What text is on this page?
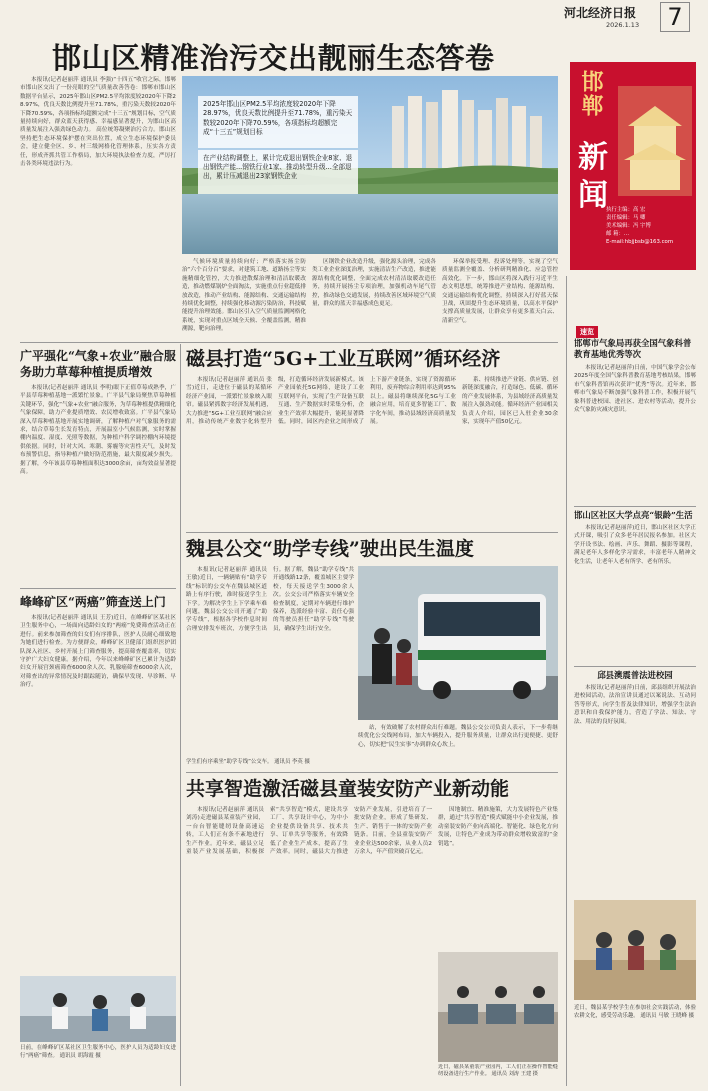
河北经济日报
2026.1.13	7
邯山区精准治污交出靓丽生态答卷

本报讯(记者赵丽萍 通讯员 李强)“十四五”收官之际，邯郸市邯山区交出了一份亮眼的空气质量改善答卷：邯郸市邯山区数据平台显示，2025年邯山区PM2.5平均浓度较2020年下降28.97%，优良天数比例提升至71.78%，重污染天数较2020年下降70.59%，各项指标均超额完成“十三五”规划目标，空气质量持续向好，群众蓝天获得感、幸福感显著提升，为邯山区高质量发展注入强劲绿色动力。 高位统筹凝聚治污合力。邯山区坚持把生态环境保护摆在突出位置，成立生态环境保护委员会，建立健全区、乡、村三级网格化管理体系，压实各方责任，形成齐抓共管工作格局，加大环境执法检查力度，严厉打击各类环境违法行为。

2025年邯山区PM2.5平均浓度较2020年下降28.97%，优良天数比例提升至71.78%，重污染天数较2020年下降70.59%，各项指标均超额完成“十三五”规划目标
在产业结构调整上，累计完成退出钢铁企业8家、退出钢铁产能...钢铁行业1家、推动转型升级...全部退出，累计压减退出23家钢铁企业

气候环境质量持续向好；严格落实扬尘防治“六个百分百”要求，对建筑工地、道路扬尘等实施精细化管控，大力推进散煤治理和清洁取暖改造，推动燃煤锅炉全面淘汰，实施重点行业超低排放改造，推动产业结构、能源结构、交通运输结构持续优化调整，持续强化移动源污染防治，科技赋能提升治理效能。邯山区引入空气质量监测网格化系统，实现对重点区域全天候、全覆盖监测，精准溯源，靶向治理。

区钢铁企业改造升级，强化源头治理，完成各类工业企业深度治理，实施清洁生产改造，推进能源结构优化调整，全面完成农村清洁取暖改造任务，持续开展扬尘专项治理，加强机动车尾气管控，推动绿色交通发展，持续改善区域环境空气质量，群众的蓝天幸福感成色更足。

环保举报受理、投诉处理等，实现了空气质量监测全覆盖、分析研判精准化、应急管控高效化。下一步，邯山区将深入践行习近平生态文明思想，统筹推进产业结构、能源结构、交通运输结构优化调整，持续深入打好蓝天保卫战，巩固提升生态环境质量，以高水平保护支撑高质量发展，让群众享有更多蓝天白云、清新空气。

邯郸
新
闻
执行主编：高 宏
责任编辑：马 卿
美术编辑：冯 宇博
邮 箱：...
E-mail:hbjjbsb@163.com
速览
邯郸市气象局再获全国气象科普教育基地优秀等次

本报讯(记者赵丽萍)日前，中国气象学会公布2025年度全国气象科普教育基地考核结果，邯郸市气象科普馆再次获评“优秀”等次。近年来，邯郸市气象局不断加强气象科普工作，积极开展气象科普进校园、进社区、进农村等活动，提升公众气象防灾减灾意识。

邯山区社区大学点亮“银龄”生活

本报讯(记者赵丽萍)近日，邯山区社区大学正式开课，吸引了众多老年居民报名参加。社区大学开设书法、绘画、声乐、舞蹈、摄影等课程，满足老年人多样化学习需求，丰富老年人精神文化生活，让老年人老有所学、老有所乐。

邱县澳震普法进校园

本报讯(记者赵丽萍)日前，邱县组织开展法治进校园活动，法治宣讲员通过以案说法、互动问答等形式，向学生普及法律知识，增强学生法治意识和自我保护能力，营造了学法、知法、守法、用法的良好氛围。

近日，魏县某学校学生在参加社会实践活动，体验农耕文化，感受劳动乐趣。 通讯员 马敏 王晓峰 摄

广平强化“气象+农业”融合服务助力草莓种植提质增效

本报讯(记者赵丽萍 通讯员 李明)眼下正值草莓成熟季，广平县草莓种植基地一派繁忙景象。广平县气象局聚焦草莓种植关键环节，强化“气象+农业”融合服务，为草莓种植提供精细化气象保障，助力产业提质增效、农民增收致富。广平县气象局深入草莓种植基地开展实地调研，了解种植户对气象服务的需求，结合草莓生长发育特点，开展温室小气候监测，实时掌握棚内温度、湿度、光照等数据，为种植户科学调控棚内环境提供依据。同时，针对大风、寒潮、雾霾等灾害性天气，及时发布预警信息，指导种植户做好防范措施，最大限度减少损失。据了解，今年该县草莓种植面积达3000余亩，亩均效益显著提高。

峰峰矿区“两癌”筛查送上门

本报讯(记者赵丽萍 通讯员 王芳)近日，在峰峰矿区某社区卫生服务中心，一场面向适龄妇女的“两癌”免费筛查活动正在进行。前来参加筛查的妇女们有序排队，医护人员耐心细致地为她们进行检查。为方便群众，峰峰矿区卫健部门组织医护团队深入社区、乡村开展上门筛查服务，提高筛查覆盖率，切实守护广大妇女健康。据介绍，今年以来峰峰矿区已累计为适龄妇女开展宫颈癌筛查6000余人次、乳腺癌筛查6000余人次，对筛查出的异常情况及时跟踪随访，确保早发现、早诊断、早治疗。

日前，在峰峰矿区某社区卫生服务中心，医护人员为适龄妇女进行“两癌”筛查。 通讯员 胡海霞 摄

磁县打造“5G+工业互联网”循环经济

本报讯(记者赵丽萍 通讯员 张雪)近日，走进位于磁县的某循环经济产业园，一派繁忙景象映入眼帘。磁县紧抓数字经济发展机遇，大力推进“5G+工业互联网”融合应用，推动传统产业数字化转型升级，打造循环经济发展新模式。该产业园依托5G网络，建设了工业互联网平台，实现了生产设备互联互通、生产数据实时采集分析，企业生产效率大幅提升，能耗显著降低。同时，园区内企业之间形成了上下游产业链条，实现了资源循环利用，废弃物综合利用率达到95%以上。磁县将继续深化5G与工业融合应用，培育更多智能工厂、数字化车间，推动县域经济高质量发展。

系、持续推进产业链、供应链、创新链深度融合，打造绿色、低碳、循环的产业发展体系，为县域经济高质量发展注入强劲动能。循环经济产业园相关负责人介绍，园区已入驻企业30余家，实现年产值50亿元。

魏县公交“助学专线”驶出民生温度

本报讯(记者赵丽萍 通讯员 王敏)近日，一辆辆贴有“助学专线”标识的公交车在魏县城区道路上有序行驶，准时接送学生上下学。为解决学生上下学乘车难问题，魏县公交公司开通了“助学专线”，根据各学校作息时间合理安排发车班次，方便学生出行。据了解，魏县“助学专线”共开通线路12条，覆盖城区主要学校，每天接送学生3000余人次。公交公司严格落实车辆安全检查制度，定期对车辆进行维护保养，选派经验丰富、责任心强的驾驶员担任“助学专线”驾驶员，确保学生出行安全。

站，有效破解了农村群众出行难题。魏县公交公司负责人表示，下一步将继续优化公交线网布局，加大车辆投入，提升服务质量，让群众出行更便捷、更舒心，切实把“民生实事”办到群众心坎上。

学生们有序乘坐“助学专线”公交车。 通讯员 李英 摄

共享智造激活磁县童装安防产业新动能

本报讯(记者赵丽萍 通讯员 刘涛)走进磁县某童装产业园，一台台智能缝纫设备高速运转，工人们正有条不紊地进行生产作业。近年来，磁县立足童装产业发展基础，积极探索“共享智造”模式，建设共享工厂、共享设计中心，为中小企业提供设备共享、技术共享、订单共享等服务，有效降低了企业生产成本，提高了生产效率。同时，磁县大力推进安防产业发展，引进培育了一批安防企业，形成了集研发、生产、销售于一体的安防产业链条。目前，全县童装安防产业企业达500余家，从业人员2万余人，年产值突破百亿元。

因地制宜、精准施策，大力发展特色产业集群，通过“共享智造”模式赋能中小企业发展，推动童装安防产业向高端化、智能化、绿色化方向发展，让特色产业成为带动群众增收致富的“金钥匙”。

近日，磁县某童装产业园内，工人们正在操作智能缝纫设备进行生产作业。 通讯员 刘涛 王建 摄
